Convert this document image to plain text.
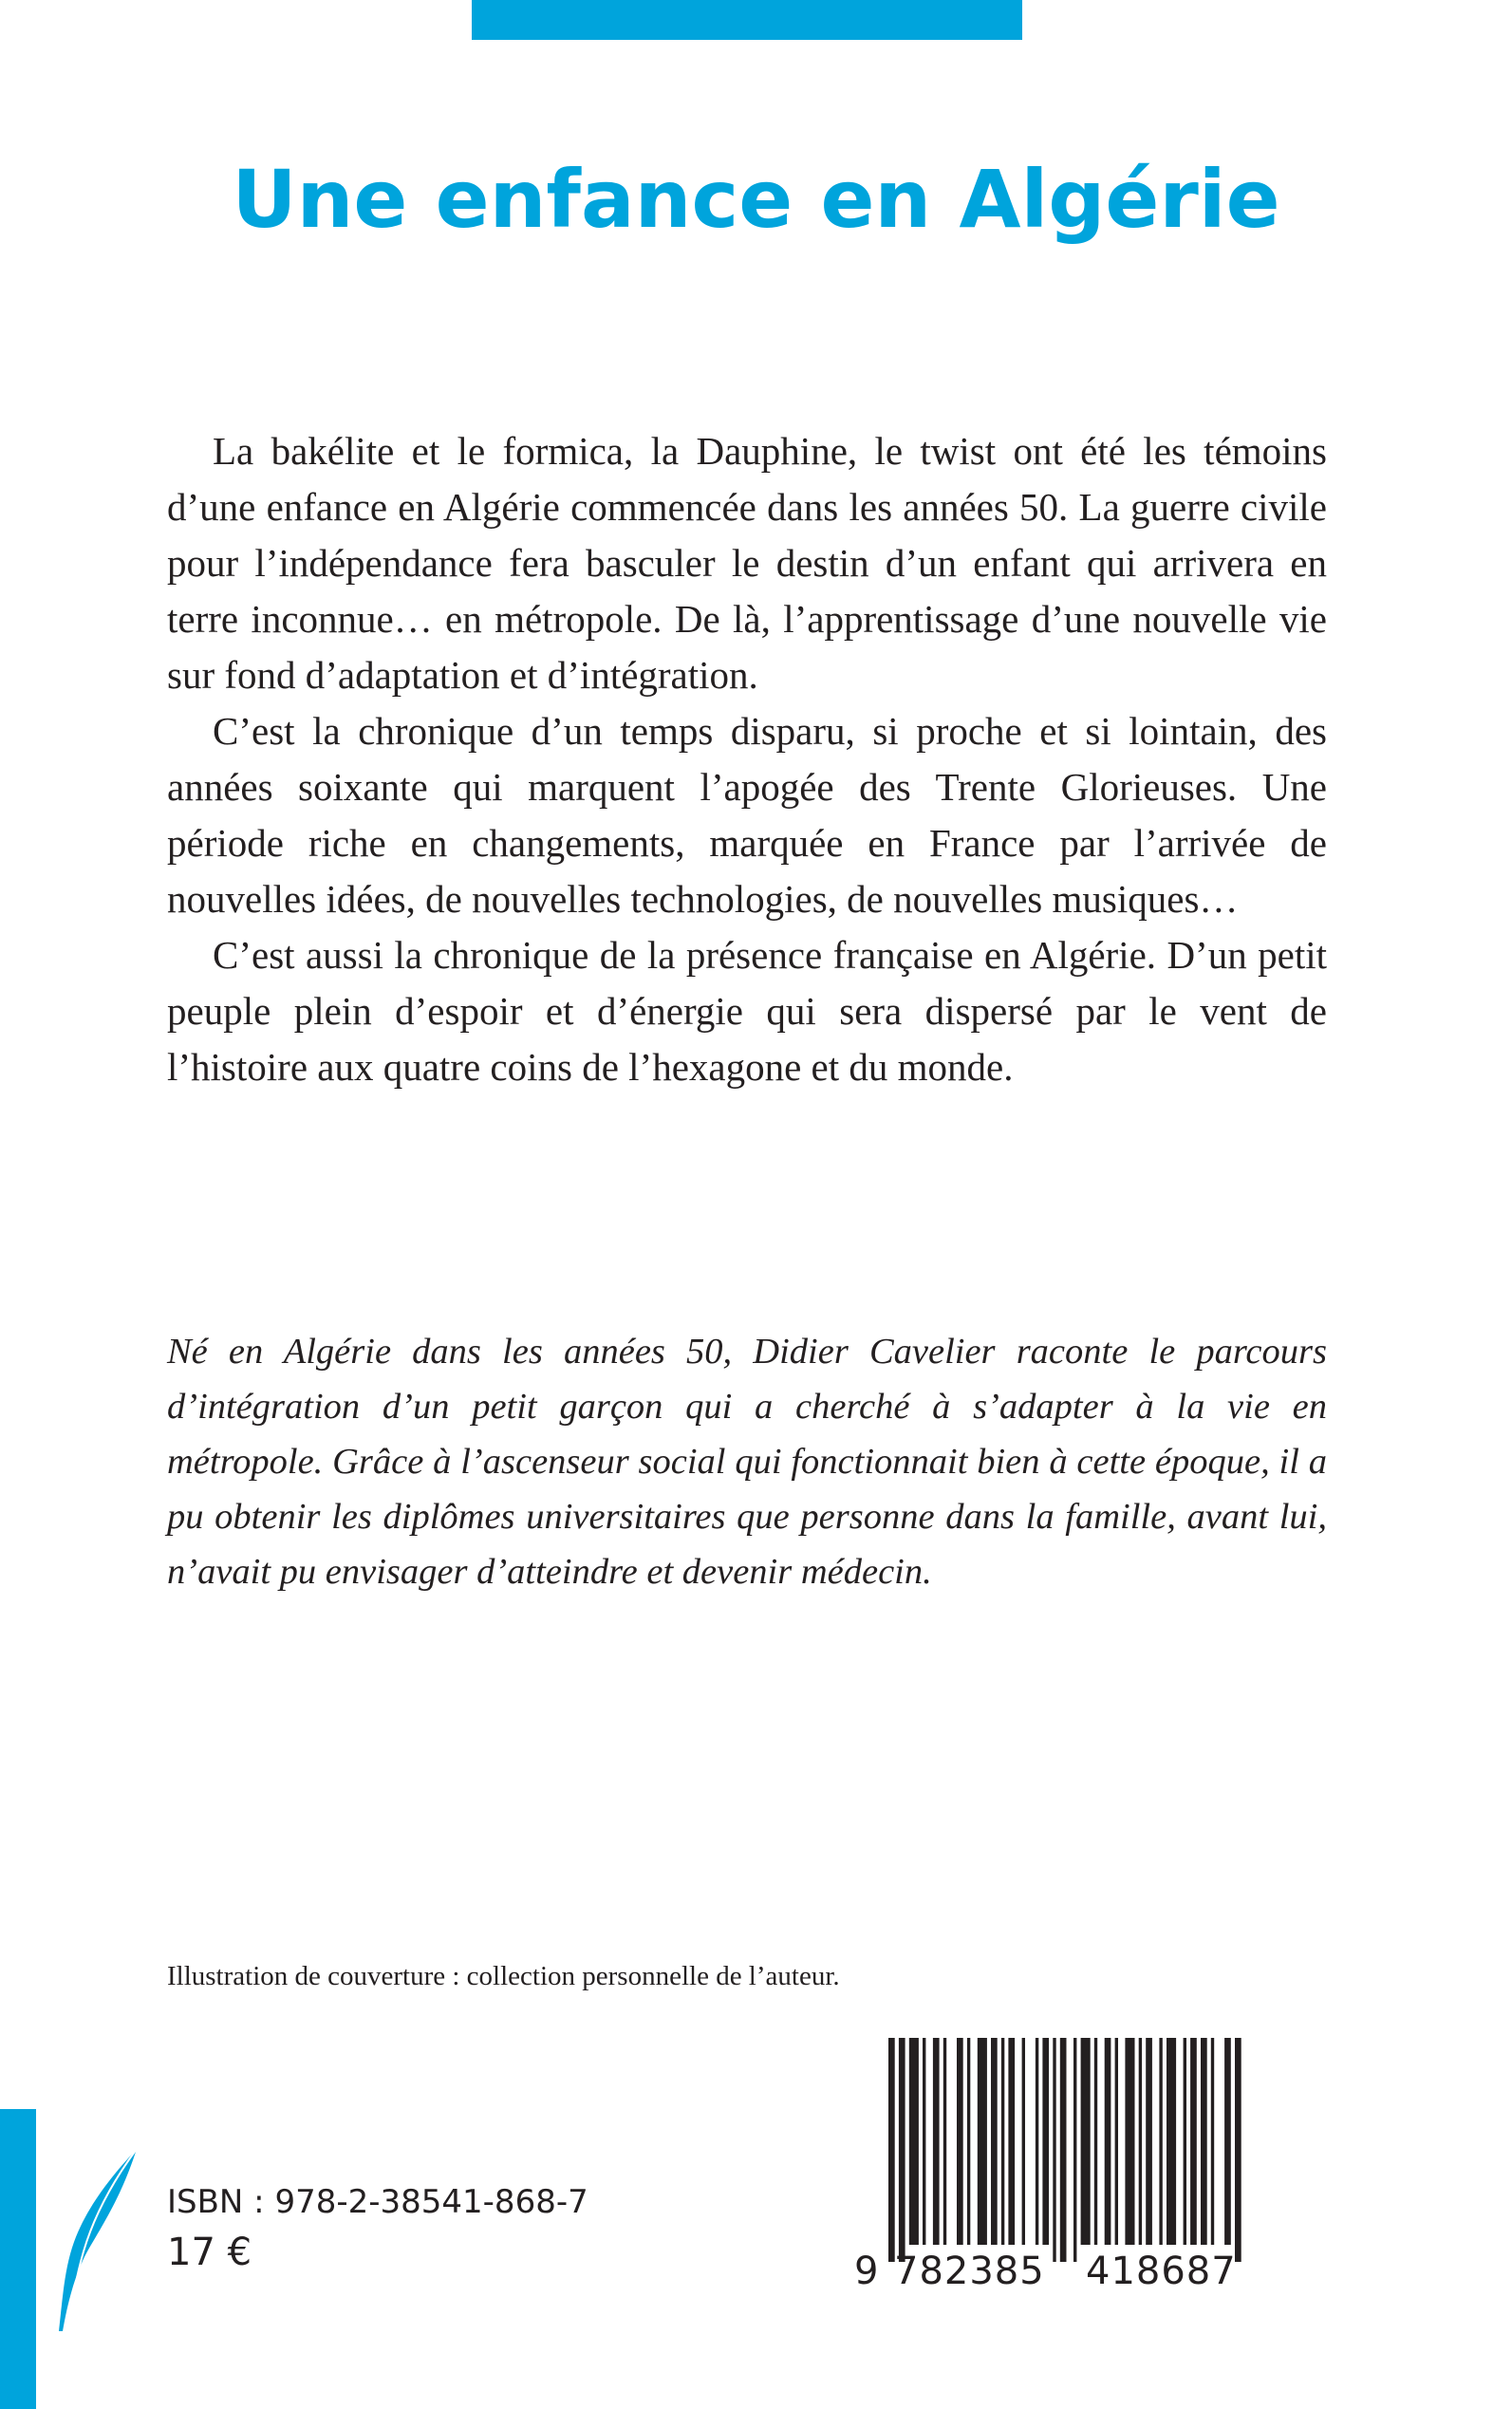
Une enfance en Algérie

La bakélite et le formica, la Dauphine, le twist ont été les témoins d’une enfance en Algérie commencée dans les années 50. La guerre civile pour l’indépendance fera basculer le destin d’un enfant qui arrivera en terre inconnue… en métropole. De là, l’apprentissage d’une nouvelle vie sur fond d’adaptation et d’intégration.

C’est la chronique d’un temps disparu, si proche et si lointain, des années soixante qui marquent l’apogée des Trente Glorieuses. Une période riche en changements, marquée en France par l’arrivée de nouvelles idées, de nouvelles technologies, de nouvelles musiques…

C’est aussi la chronique de la présence française en Algérie. D’un petit peuple plein d’espoir et d’énergie qui sera dispersé par le vent de l’histoire aux quatre coins de l’hexagone et du monde.

Né en Algérie dans les années 50, Didier Cavelier raconte le parcours d’intégration d’un petit garçon qui a cherché à s’adapter à la vie en métropole. Grâce à l’ascenseur social qui fonctionnait bien à cette époque, il a pu obtenir les diplômes universitaires que personne dans la famille, avant lui, n’avait pu envisager d’atteindre et devenir médecin.

Illustration de couverture : collection personnelle de l’auteur.

ISBN : 978-2-38541-868-7

17 €	9 782385 418687
